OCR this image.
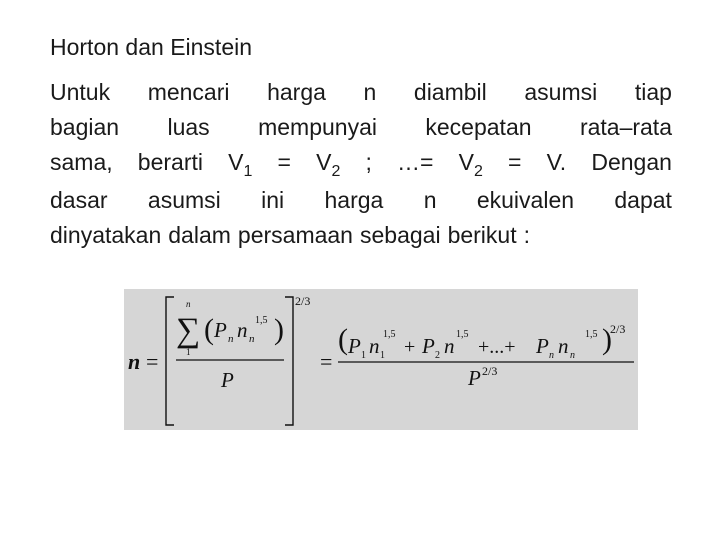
Horton dan Einstein
Untuk mencari harga n diambil asumsi tiap
bagian luas mempunyai kecepatan rata–rata
sama, berarti $V_1 = V_2$ ; …= $V_2 = V$. Dengan
dasar asumsi ini harga n ekuivalen dapat
dinyatakan dalam persamaan sebagai berikut :
n =
n
∑
1
( P n n n
1,5 )
P
2/3
=
( P 1 n 1
1,5
+ P 2 n 1,5
+...+ P n n n
1,5 )
2/3
P 2/3
